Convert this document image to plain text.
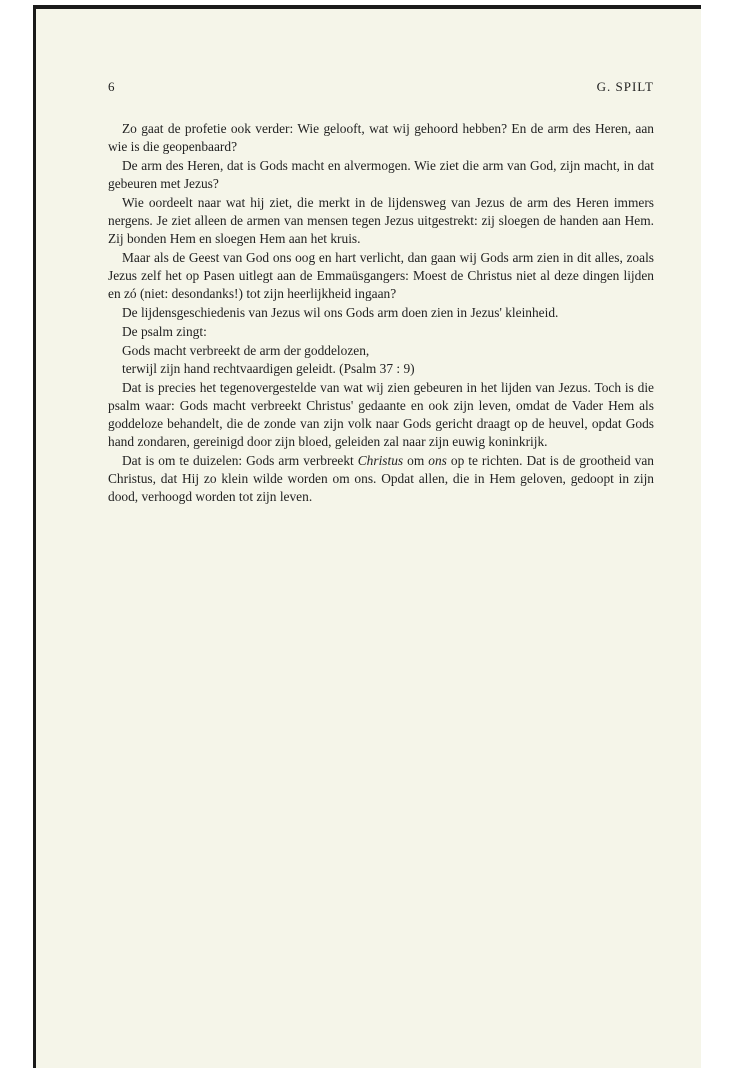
6	G. SPILT

Zo gaat de profetie ook verder: Wie gelooft, wat wij gehoord hebben? En de arm des Heren, aan wie is die geopenbaard?

De arm des Heren, dat is Gods macht en alvermogen. Wie ziet die arm van God, zijn macht, in dat gebeuren met Jezus?

Wie oordeelt naar wat hij ziet, die merkt in de lijdensweg van Jezus de arm des Heren immers nergens. Je ziet alleen de armen van mensen tegen Jezus uitgestrekt: zij sloegen de handen aan Hem. Zij bonden Hem en sloegen Hem aan het kruis.

Maar als de Geest van God ons oog en hart verlicht, dan gaan wij Gods arm zien in dit alles, zoals Jezus zelf het op Pasen uitlegt aan de Emmaüsgangers: Moest de Christus niet al deze dingen lijden en zó (niet: desondanks!) tot zijn heerlijkheid ingaan?

De lijdensgeschiedenis van Jezus wil ons Gods arm doen zien in Jezus' kleinheid.

De psalm zingt:

Gods macht verbreekt de arm der goddelozen,

terwijl zijn hand rechtvaardigen geleidt. (Psalm 37 : 9)

Dat is precies het tegenovergestelde van wat wij zien gebeuren in het lijden van Jezus. Toch is die psalm waar: Gods macht verbreekt Christus' gedaante en ook zijn leven, omdat de Vader Hem als goddeloze behandelt, die de zonde van zijn volk naar Gods gericht draagt op de heuvel, opdat Gods hand zondaren, gereinigd door zijn bloed, geleiden zal naar zijn euwig koninkrijk.

Dat is om te duizelen: Gods arm verbreekt Christus om ons op te richten. Dat is de grootheid van Christus, dat Hij zo klein wilde worden om ons. Opdat allen, die in Hem geloven, gedoopt in zijn dood, verhoogd worden tot zijn leven.
